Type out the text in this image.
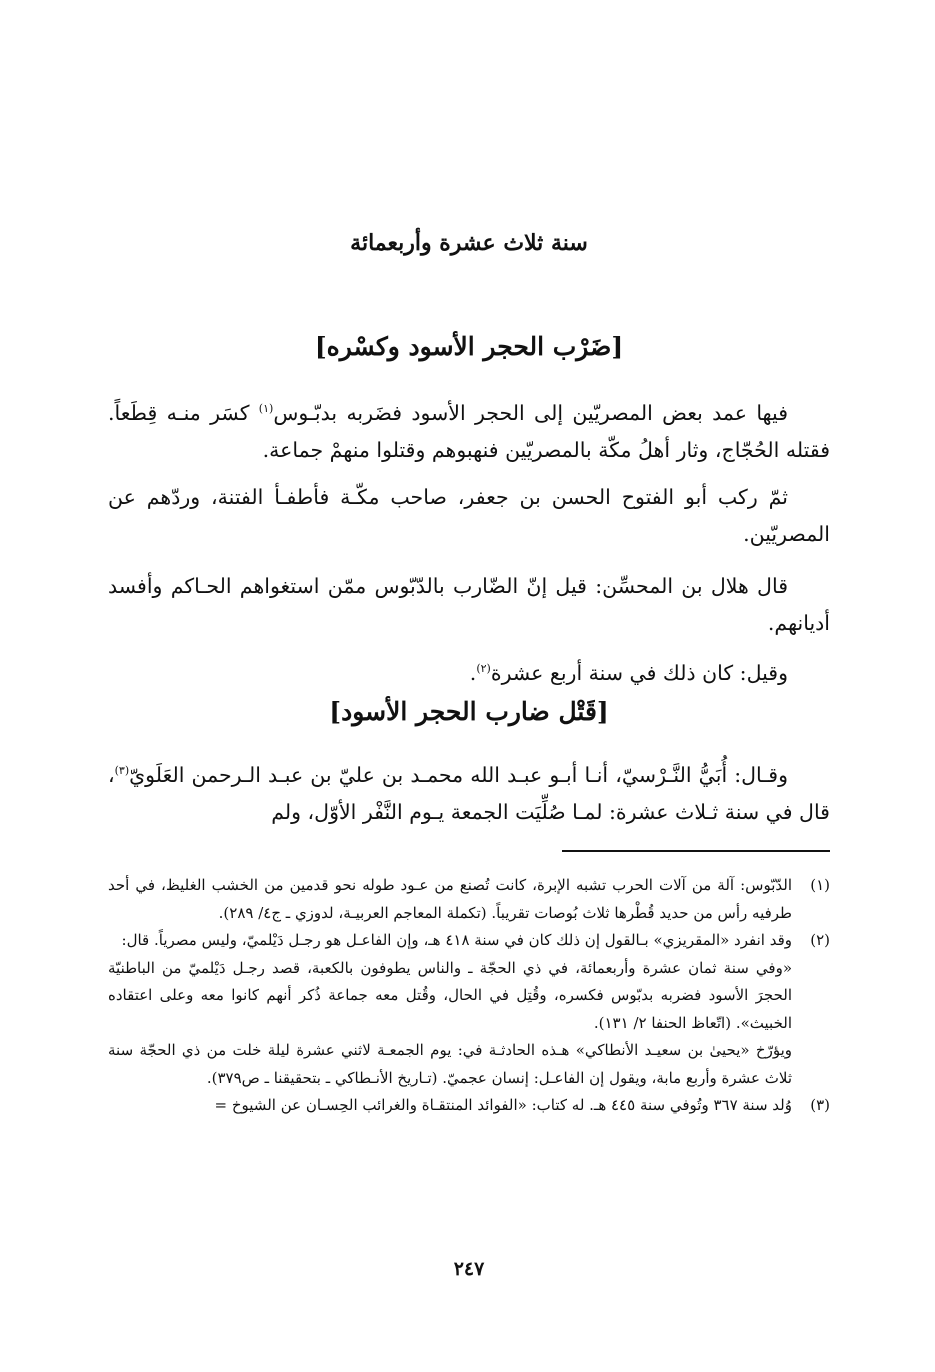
سنة ثلاث عشرة وأربعمائة
[ضَرْب الحجر الأسود وكسْره]

فيها عمد بعض المصريّين إلى الحجر الأسود فضَربه بدبّـوس$^{(١)}$ كسَر منـه قِطَعاً. فقتله الحُجّاج، وثار أهلُ مكّة بالمصريّين فنهبوهم وقتلوا منهمْ جماعة.

ثمّ ركب أبو الفتوح الحسن بن جعفر، صاحب مكّـة فأطفـأ الفتنة، وردّهم عن المصريّين.

قال هلال بن المحسِّن: قيل إنّ الضّارب بالدّبّوس ممّن استغواهم الحـاكم وأفسد أديانهم.

وقيل: كان ذلك في سنة أربع عشرة$^{(٢)}$.

[قَتْل ضارب الحجر الأسود]

وقـال: أُبَيُّ النَّـرْسيّ، أنـا أبـو عبـد الله محمـد بن عليّ بن عبـد الـرحمن العَلَويّ$^{(٣)}$، قال في سنة ثـلاث عشرة: لمـا صُلِّيَت الجمعة يـوم النَّفْر الأوّل، ولم

(١)

الدّبّوس: آلة من آلات الحرب تشبه الإبرة، كانت تُصنع من عـود طوله نحو قدمين من الخشب الغليظ، في أحد طرفيه رأس من حديد قُطْرها ثلاث بُوصات تقريباً. (تكملة المعاجم العربيـة، لدوزي ـ ج٤/ ٢٨٩).

(٢)

وقد انفرد «المقريزي» بـالقول إن ذلك كان في سنة ٤١٨ هـ، وإن الفاعـل هو رجـل دَيْلميّ، وليس مصرياً. قال:

«وفي سنة ثمان عشرة وأربعمائة، في ذي الحجّة ـ والناس يطوفون بالكعبة، قصد رجـل دَيْلميّ من الباطنيّة الحجرَ الأسود فضربه بدبّوس فكسره، وقُتِل في الحال، وقُتل معه جماعة ذُكر أنهم كانوا معه وعلى اعتقاده الخبيث». (اتّعاظ الحنفا ٢/ ١٣١).

ويؤرّخ «يحيىٰ بن سعيـد الأنطاكي» هـذه الحادثـة في: يوم الجمعـة لاثني عشرة ليلة خلت من ذي الحجّة سنة ثلاث عشرة وأربع مابة، ويقول إن الفاعـل: إنسان عجميّ. (تـاريخ الأنـطاكي ـ بتحقيقنا ـ ص٣٧٩).

(٣)

وُلد سنة ٣٦٧ وتُوفي سنة ٤٤٥ هـ. له كتاب: «الفوائد المنتقـاة والغرائب الحِسـان عن الشيوخ =

٢٤٧
